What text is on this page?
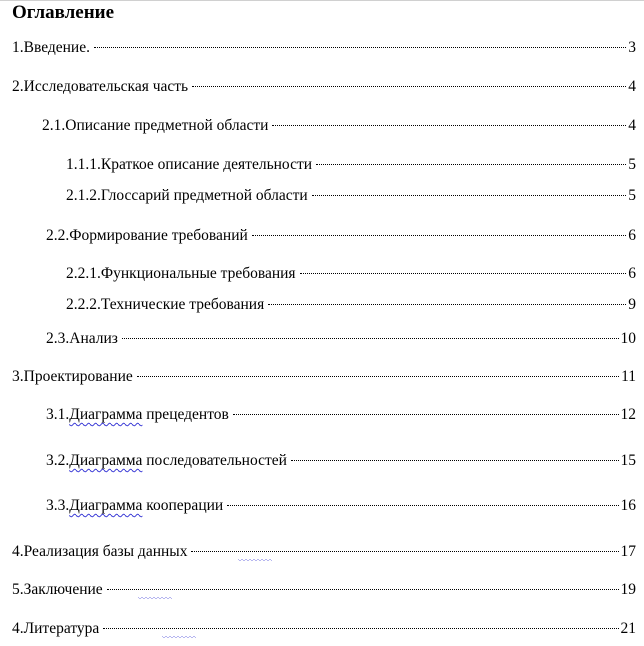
Оглавление
1.Введение.	3
2.Исследовательская часть	4
2.1.Описание предметной области	4
1.1.1.Краткое описание деятельности	5
2.1.2.Глоссарий предметной области	5
2.2.Формирование требований	6
2.2.1.Функциональные требования	6
2.2.2.Технические требования	9
2.3.Анализ	10
3.Проектирование	11
3.1.Диаграмма прецедентов	12
3.2.Диаграмма последовательностей	15
3.3.Диаграмма кооперации	16
4.Реализация базы данных	17
5.Заключение	19
4.Литература	21
